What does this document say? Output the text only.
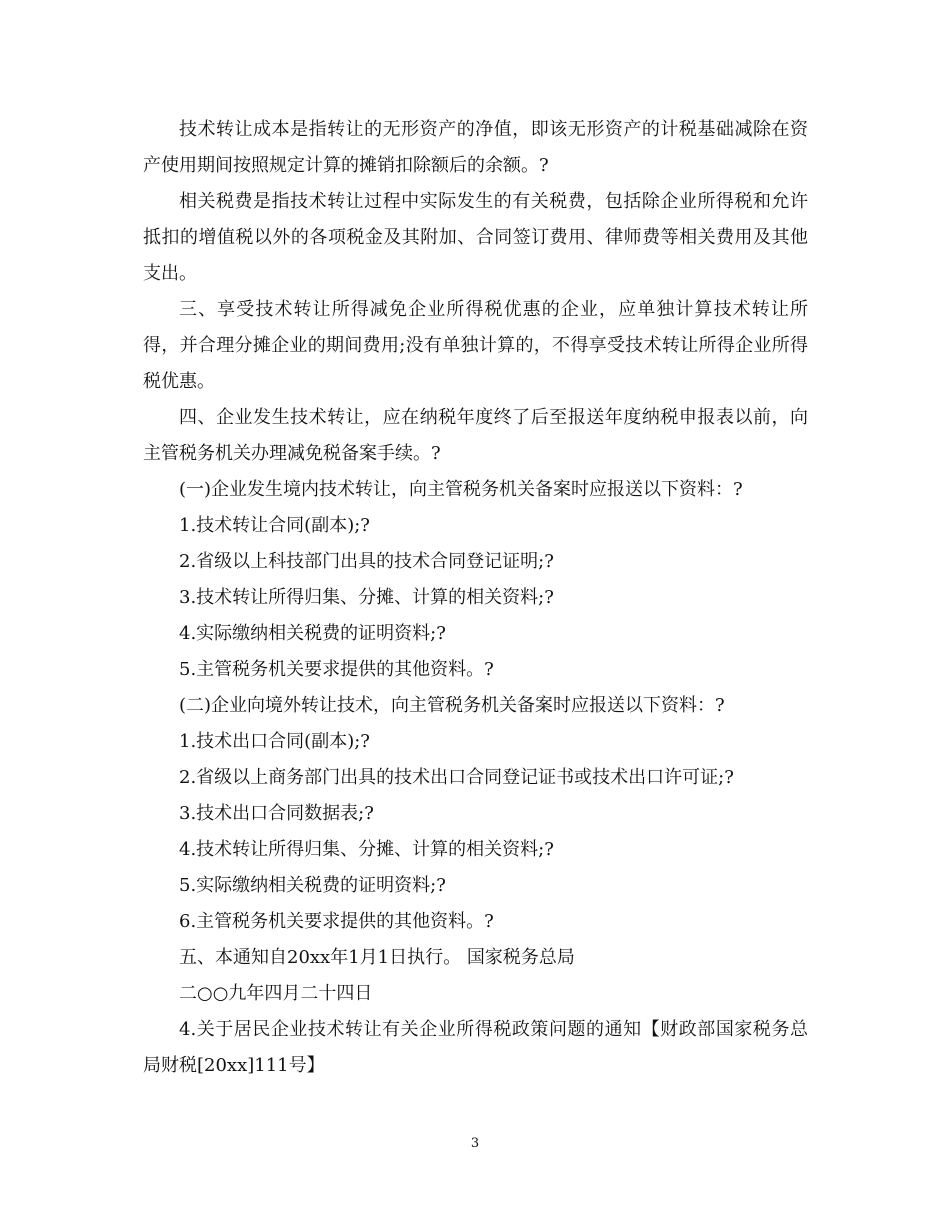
技术转让成本是指转让的无形资产的净值，即该无形资产的计税基础减除在资产使用期间按照规定计算的摊销扣除额后的余额。?

相关税费是指技术转让过程中实际发生的有关税费，包括除企业所得税和允许抵扣的增值税以外的各项税金及其附加、合同签订费用、律师费等相关费用及其他支出。

三、享受技术转让所得减免企业所得税优惠的企业，应单独计算技术转让所得，并合理分摊企业的期间费用;没有单独计算的，不得享受技术转让所得企业所得税优惠。

四、企业发生技术转让，应在纳税年度终了后至报送年度纳税申报表以前，向主管税务机关办理减免税备案手续。?

(一)企业发生境内技术转让，向主管税务机关备案时应报送以下资料：?

1.技术转让合同(副本);?

2.省级以上科技部门出具的技术合同登记证明;?

3.技术转让所得归集、分摊、计算的相关资料;?

4.实际缴纳相关税费的证明资料;?

5.主管税务机关要求提供的其他资料。?

(二)企业向境外转让技术，向主管税务机关备案时应报送以下资料：?

1.技术出口合同(副本);?

2.省级以上商务部门出具的技术出口合同登记证书或技术出口许可证;?

3.技术出口合同数据表;?

4.技术转让所得归集、分摊、计算的相关资料;?

5.实际缴纳相关税费的证明资料;?

6.主管税务机关要求提供的其他资料。?

五、本通知自20xx年1月1日执行。 国家税务总局

二○○九年四月二十四日

4.关于居民企业技术转让有关企业所得税政策问题的通知【财政部国家税务总局财税[20xx]111号】

3
